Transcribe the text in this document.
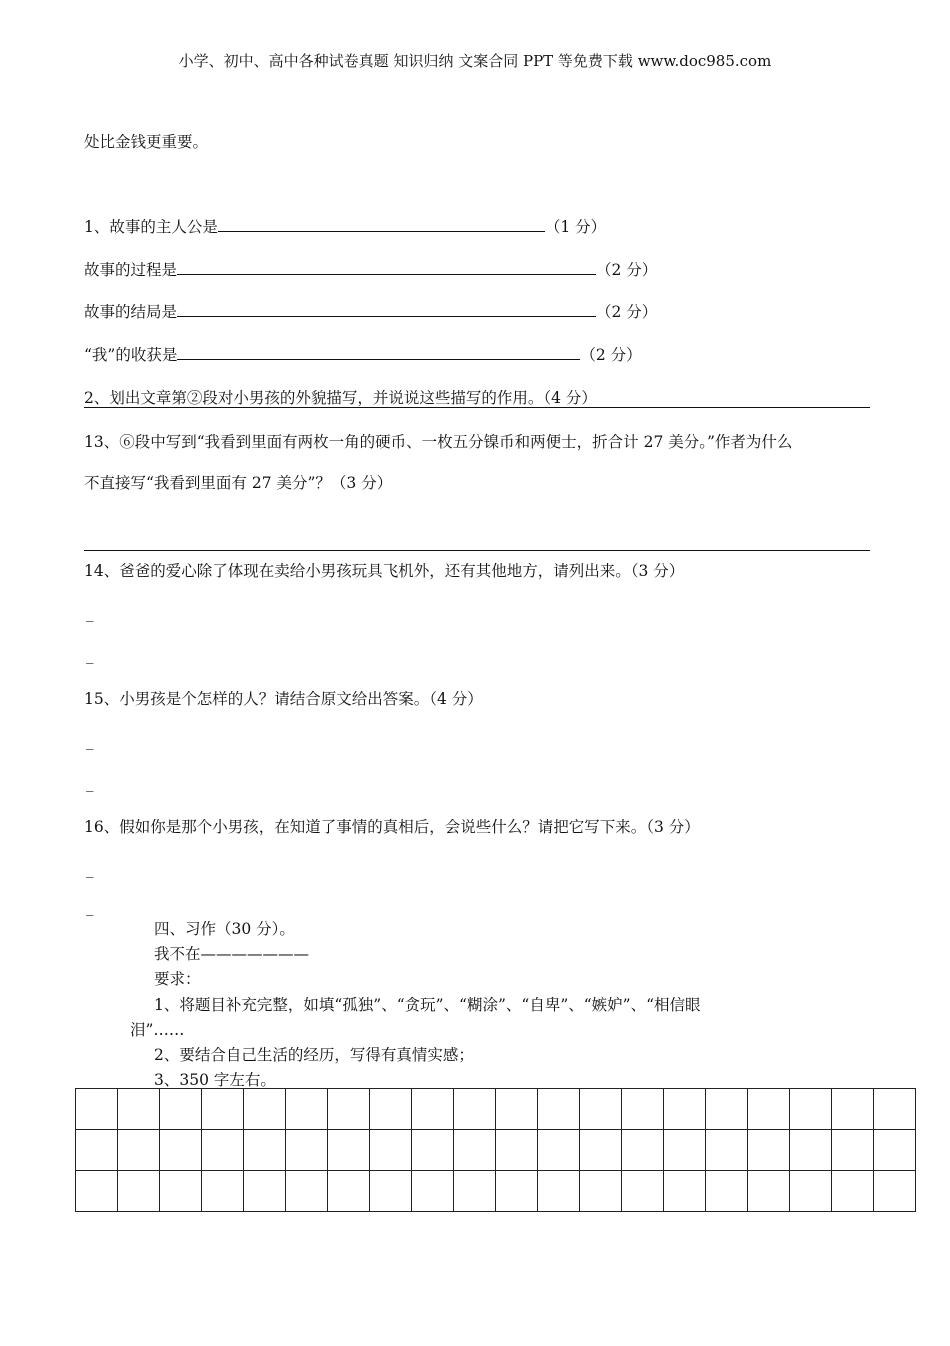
小学、初中、高中各种试卷真题 知识归纳 文案合同 PPT 等免费下载 www.doc985.com
处比金钱更重要。
1、故事的主人公是	（1 分）
故事的过程是	（2 分）
故事的结局是	（2 分）
“我”的收获是	（2 分）
2、划出文章第②段对小男孩的外貌描写，并说说这些描写的作用。（4 分）
13、⑥段中写到“我看到里面有两枚一角的硬币、一枚五分镍币和两便士，折合计 27 美分。”作者为什么
不直接写“我看到里面有 27 美分”？（3 分）
14、爸爸的爱心除了体现在卖给小男孩玩具飞机外，还有其他地方，请列出来。（3 分）
_
_
15、小男孩是个怎样的人？请结合原文给出答案。（4 分）
_
_
16、假如你是那个小男孩，在知道了事情的真相后，会说些什么？请把它写下来。（3 分）
_
_
四、习作（30 分）。
我不在———————
要求：
1、将题目补充完整，如填“孤独”、“贪玩”、“糊涂”、“自卑”、“嫉妒”、“相信眼
泪”……
2、要结合自己生活的经历，写得有真情实感；
3、350 字左右。
